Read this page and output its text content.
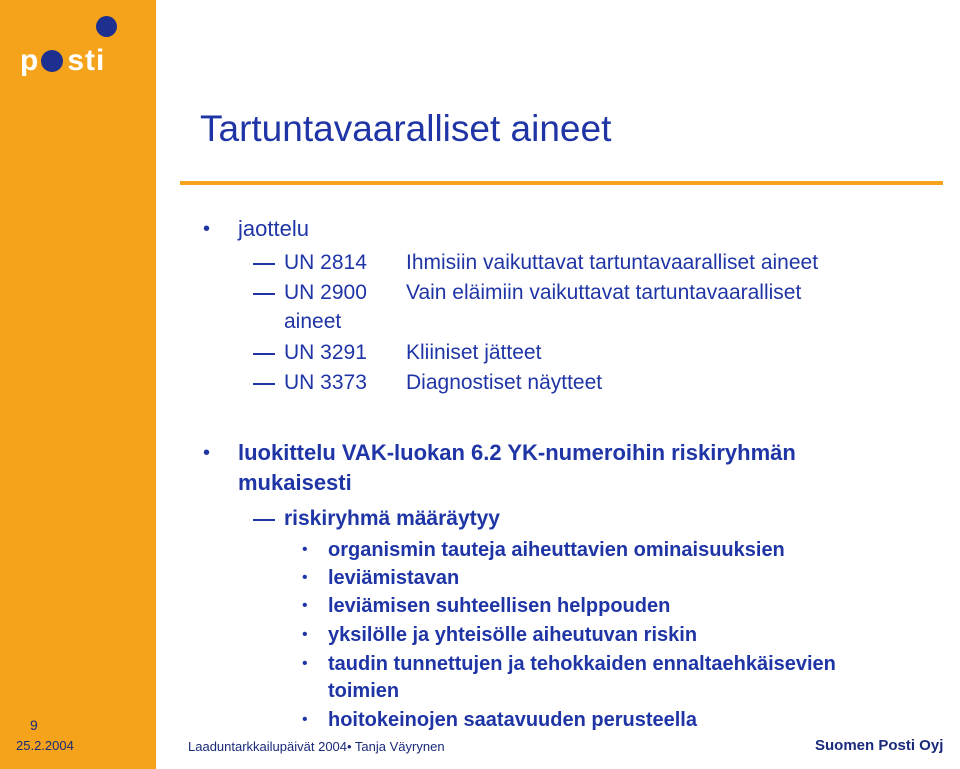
p sti
9
25.2.2004
Tartuntavaaralliset aineet
• jaottelu
UN 2814 Ihmisiin vaikuttavat tartuntavaaralliset aineet
UN 2900 Vain eläimiin vaikuttavat tartuntavaaralliset
aineet
UN 3291 Kliiniset jätteet
UN 3373 Diagnostiset näytteet
• luokittelu VAK-luokan 6.2 YK-numeroihin riskiryhmän
mukaisesti
riskiryhmä määräytyy
• organismin tauteja aiheuttavien ominaisuuksien
• leviämistavan
• leviämisen suhteellisen helppouden
• yksilölle ja yhteisölle aiheutuvan riskin
• taudin tunnettujen ja tehokkaiden ennaltaehkäisevien
toimien
• hoitokeinojen saatavuuden perusteella
Laaduntarkkailupäivät 2004• Tanja Väyrynen	Suomen Posti Oyj
